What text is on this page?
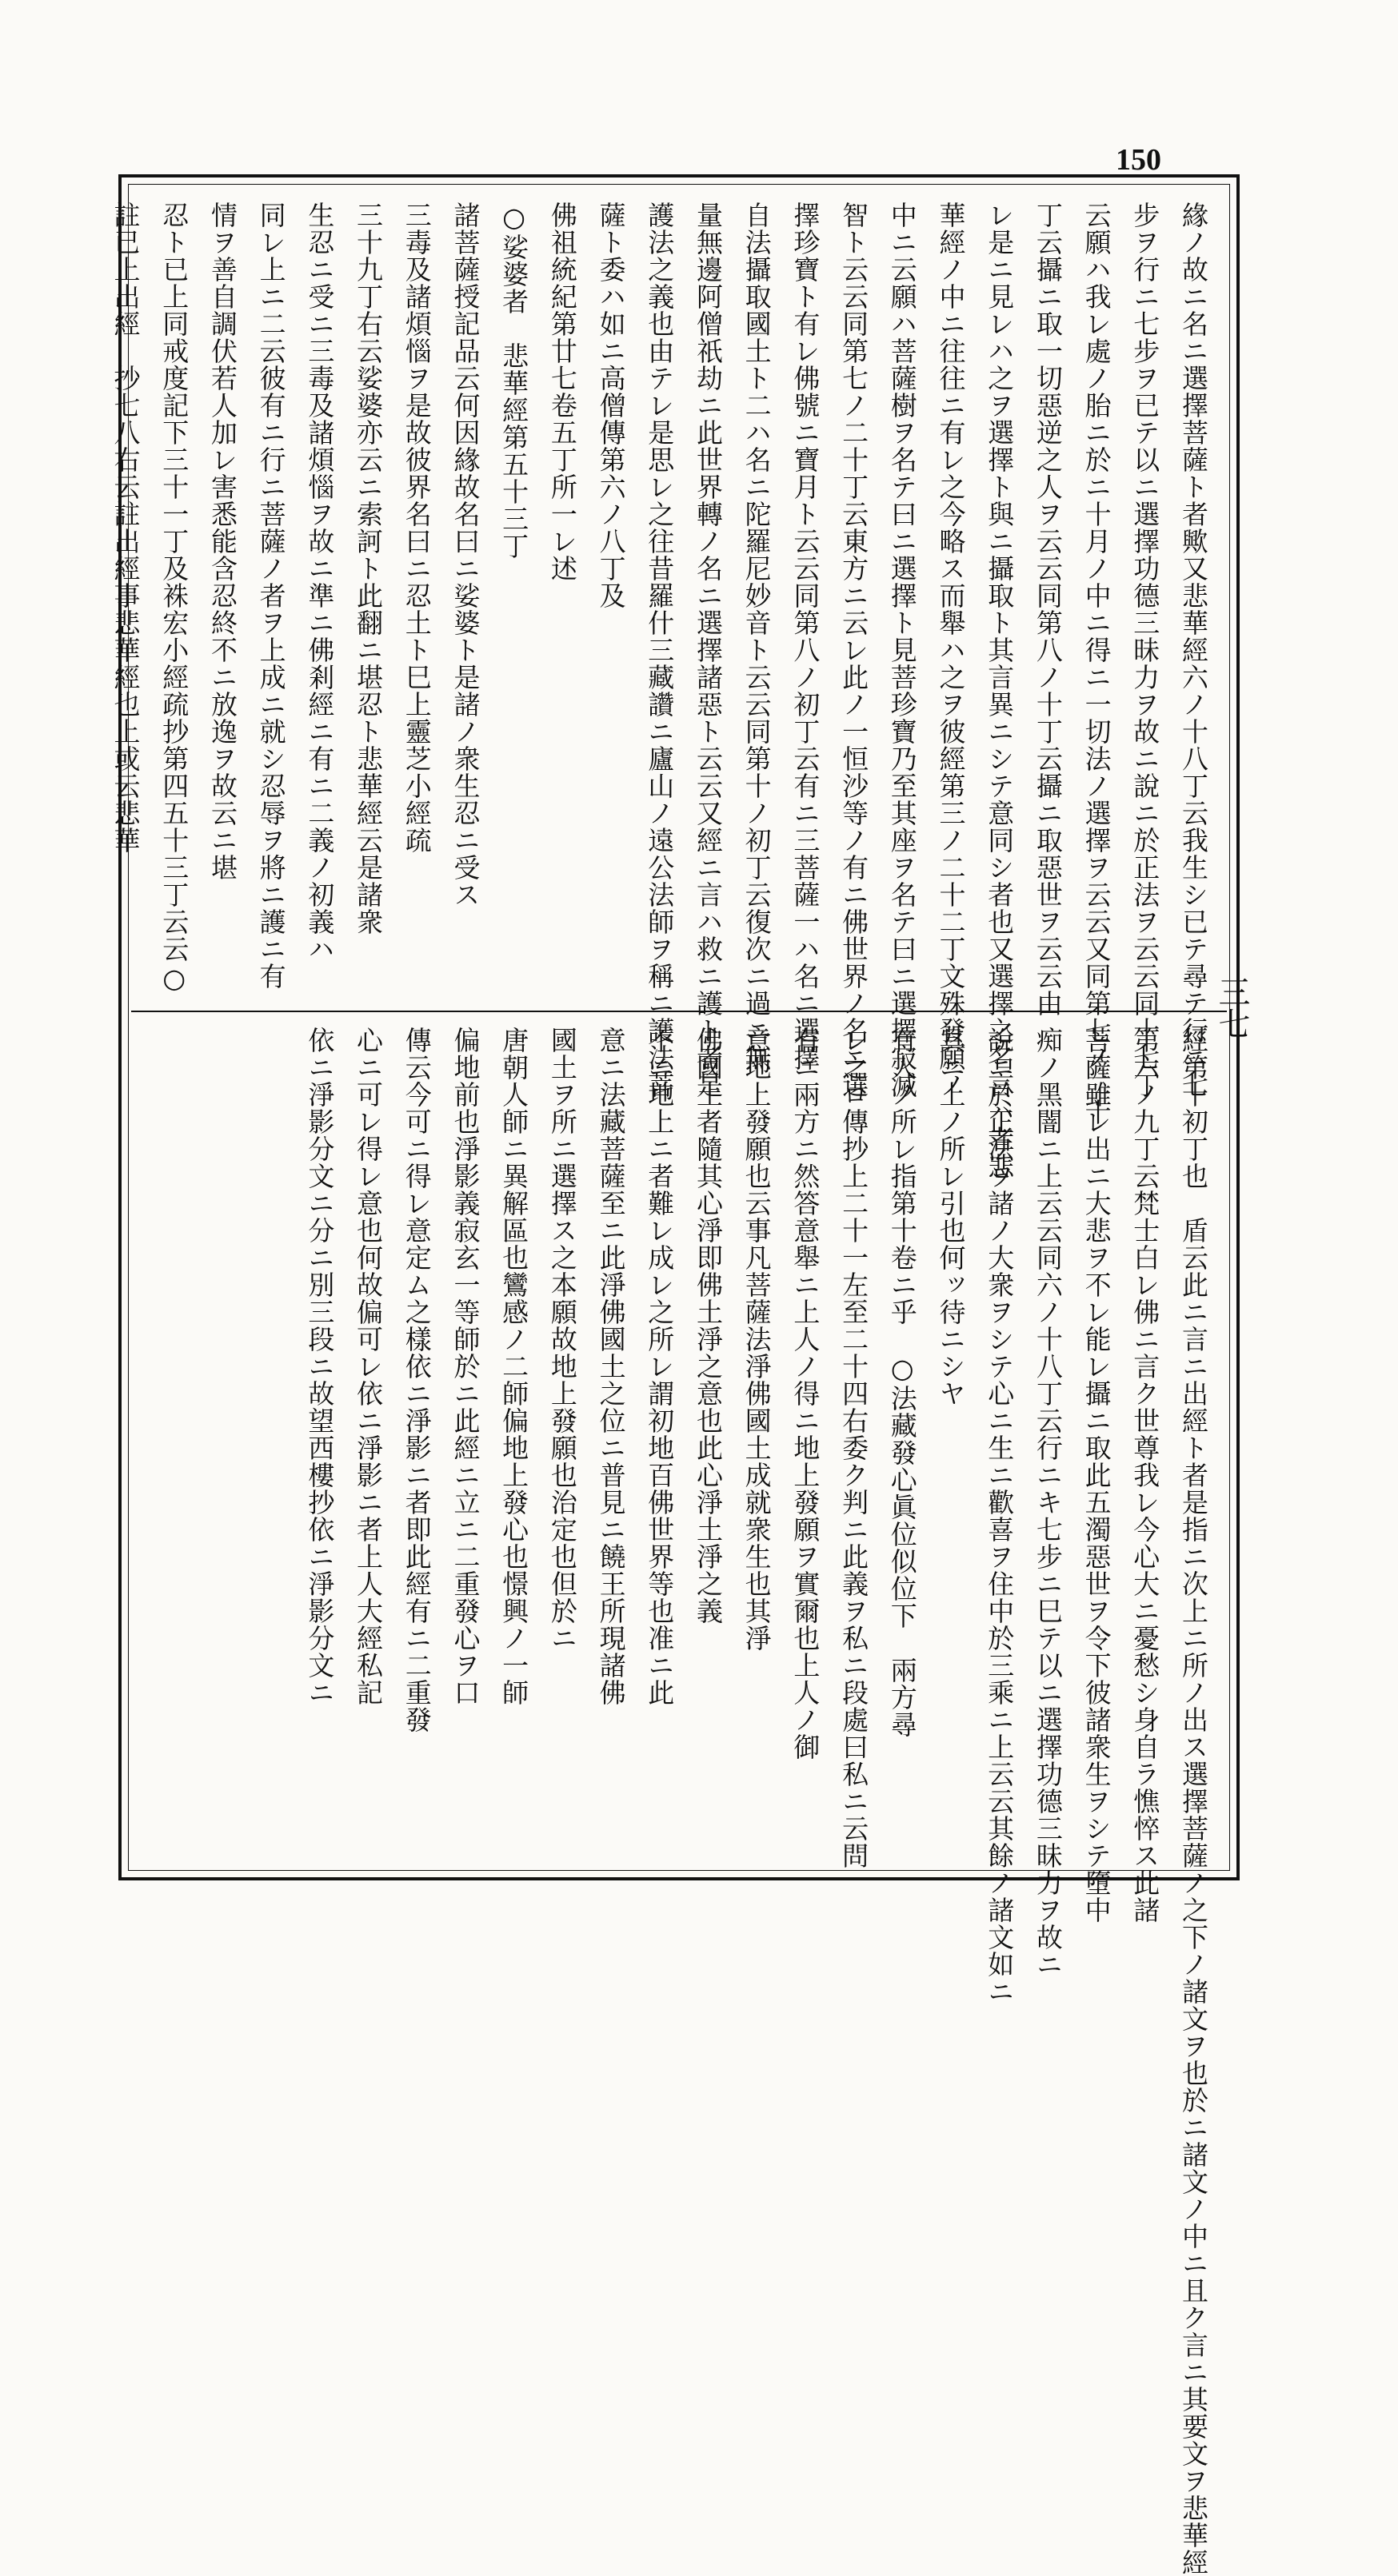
150
緣ノ故ニ名ニ選擇菩薩ト者歟又悲華經六ノ十八丁云我生シ已テ尋テ行ニ七
步ヲ行ニ七步ヲ已テ以ニ選擇功德三昧力ヲ故ニ說ニ於正法ヲ云云同十七丁
云願ハ我レ處ノ胎ニ於ニ十月ノ中ニ得ニ一切法ノ選擇ヲ云云又同第七ノ二十
丁云攝ニ取一切惡逆之人ヲ云云同第八ノ十丁云攝ニ取惡世ヲ云云由
レ是ニ見レハ之ヲ選擇ト與ニ攝取ト其言異ニシテ意同シ者也又選擇之名言ハ者悲
華經ノ中ニ往往ニ有レ之今略ス而舉ハ之ヲ彼經第三ノ二十二丁文殊發願ノ
中ニ云願ハ菩薩樹ヲ名テ曰ニ選擇ト見菩珍寶乃至其座ヲ名テ曰ニ選擇寂滅
智ト云云同第七ノ二十丁云東方ニ云レ此ノ一恒沙等ノ有ニ佛世界ノ名ニ選
擇珍寶ト有レ佛號ニ寶月ト云云同第八ノ初丁云有ニ三菩薩一ハ名ニ選擇
自法攝取國土ト二ハ名ニ陀羅尼妙音ト云云同第十ノ初丁云復次ニ過ニ無
量無邊阿僧祇劫ニ此世界轉ノ名ニ選擇諸惡ト云云又經ニ言ハ救ニ護ト者是
護法之義也由テレ是思レ之往昔羅什三藏讚ニ廬山ノ遠公法師ヲ稱ニ護法菩
薩ト委ハ如ニ高僧傳第六ノ八丁及
佛祖統紀第廿七卷五丁所一レ述
○娑婆者　悲華經第五十三丁
諸菩薩授記品云何因緣故名曰ニ娑婆ト是諸ノ衆生忍ニ受ス
三毒及諸煩惱ヲ是故彼界名曰ニ忍土ト巳上靈芝小經疏
三十九丁右云娑婆亦云ニ索訶ト此翻ニ堪忍ト悲華經云是諸衆
生忍ニ受ニ三毒及諸煩惱ヲ故ニ準ニ佛剎經ニ有ニ二義ノ初義ハ
同レ上ニ二云彼有ニ行ニ菩薩ノ者ヲ上成ニ就シ忍辱ヲ將ニ護ニ有
情ヲ善自調伏若人加レ害悉能含忍終不ニ放逸ヲ故云ニ堪
忍ト已上同戒度記下三十一丁及袾宏小經疏抄第四五十三丁云云○
註已上出經　抄七八右云註出經事悲華經也上或云悲華
經第十初丁也　盾云此ニ言ニ出經ト者是指ニ次上ニ所ノ出ス選擇菩薩ノ之下ノ諸文ヲ也於ニ諸文ノ中ニ且ク言ニ其要文ヲ悲華經
第六ノ九丁云梵士白レ佛ニ言ク世尊我レ今心大ニ憂愁シ身自ラ憔悴ス此諸
菩薩雖レ出ニ大悲ヲ不レ能レ攝ニ取此五濁惡世ヲ令下彼諸衆生ヲシテ墮中
痴ノ黑闇ニ上云云同六ノ十八丁云行ニキ七步ニ巳テ以ニ選擇功德三昧力ヲ故ニ
說ニ於正法ヲ諸ノ大衆ヲシテ心ニ生ニ歡喜ヲ住中於三乘ニ上云云其餘ノ諸文如ニ
具ニ上ノ所レ引也何ッ待ニシヤ
有人ノ所レ指第十卷ニ乎　○法藏發心眞位似位下　兩方尋
レ之ロ傳抄上二十一左至二十四右委ク判ニ此義ヲ私ニ段處曰私ニ云問
有ニ兩方ニ然答意舉ニ上人ノ得ニ地上發願ヲ實爾也上人ノ御
意地上發願也云事凡菩薩法淨佛國土成就衆生也其淨
佛國土者隨其心淨即佛土淨之意也此心淨土淨之義
不ニ地上ニ者難レ成レ之所レ謂初地百佛世界等也准ニ此
意ニ法藏菩薩至ニ此淨佛國土之位ニ普見ニ饒王所現諸佛
國土ヲ所ニ選擇ス之本願故地上發願也治定也但於ニ
唐朝人師ニ異解區也鸞感ノ二師偏地上發心也憬興ノ一師
偏地前也淨影義寂玄一等師於ニ此經ニ立ニ二重發心ヲ口
傳云今可ニ得レ意定ム之樣依ニ淨影ニ者即此經有ニ二重發
心ニ可レ得レ意也何故偏可レ依ニ淨影ニ者上人大經私記
依ニ淨影分文ニ分ニ別三段ニ故望西樓抄依ニ淨影分文ニ
三七
